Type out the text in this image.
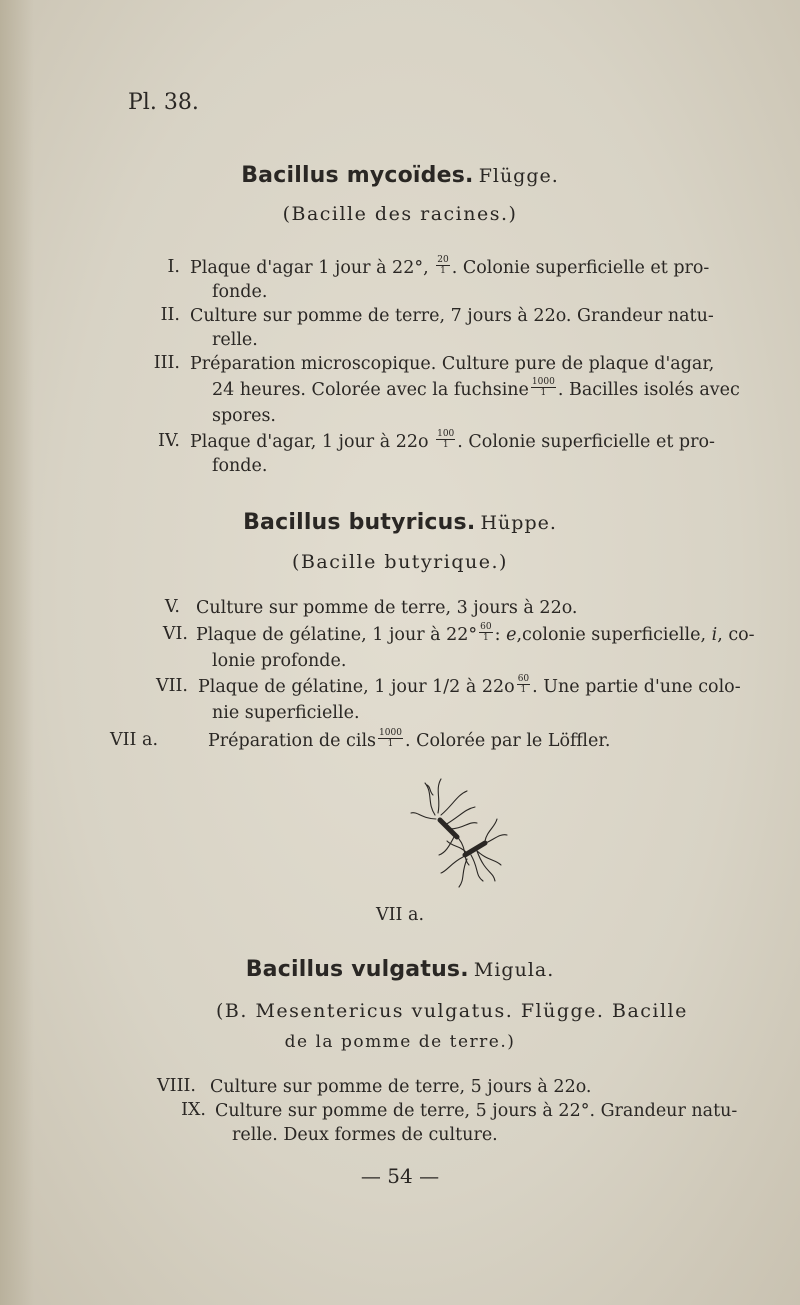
Pl. 38.
Bacillus mycoïdes. Flügge.
(Bacille des racines.)
I. Plaque d'agar 1 jour à 22°, $\frac{20}{1}$ . Colonie superficielle et pro-
fonde.
II. Culture sur pomme de terre, 7 jours à 22o. Grandeur natu-
relle.
III. Préparation microscopique. Culture pure de plaque d'agar,
24 heures. Colorée avec la fuchsine $\frac{1000}{1}$ . Bacilles isolés avec
spores.
IV. Plaque d'agar, 1 jour à $22o \frac{100}{1}$ . Colonie superficielle et pro-
fonde.
Bacillus butyricus. Hüppe.
(Bacille butyrique.)
V. Culture sur pomme de terre, 3 jours à 22o.
VI. Plaque de gélatine, 1 jour à $22^\circ \frac{60}{1}$ : e,colonie superficielle, i, co-
lonie profonde.
VII. Plaque de gélatine, 1 jour 1/2 à $22o \frac{60}{1}$ . Une partie d'une colo-
nie superficielle.
VII a.	Préparation de cils $\frac{1000}{1}$ . Colorée par le Löffler.
VII a.
Bacillus vulgatus. Migula.
(B. Mesentericus vulgatus. Flügge. Bacille
de la pomme de terre.)
VIII. Culture sur pomme de terre, 5 jours à 22o.
IX. Culture sur pomme de terre, 5 jours à 22°. Grandeur natu-
relle. Deux formes de culture.
— 54 —
